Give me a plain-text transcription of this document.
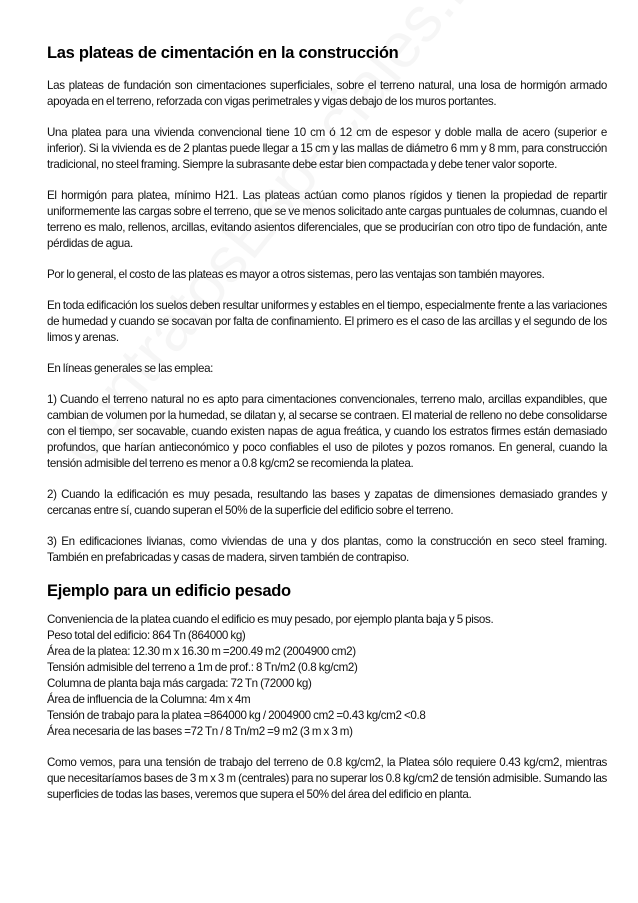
Las plateas de cimentación en la construcción

Las plateas de fundación son cimentaciones superficiales, sobre el terreno natural, una losa de hormigón armado apoyada en el terreno, reforzada con vigas perimetrales y vigas debajo de los muros portantes.

Una platea para una vivienda convencional tiene 10 cm ó 12 cm de espesor y doble malla de acero (superior e inferior). Si la vivienda es de 2 plantas puede llegar a 15 cm y las mallas de diámetro 6 mm y 8 mm, para construcción tradicional, no steel framing. Siempre la subrasante debe estar bien compactada y debe tener valor soporte.

El hormigón para platea, mínimo H21. Las plateas actúan como planos rígidos y tienen la propiedad de repartir uniformemente las cargas sobre el terreno, que se ve menos solicitado ante cargas puntuales de columnas, cuando el terreno es malo, rellenos, arcillas, evitando asientos diferenciales, que se producirían con otro tipo de fundación, ante pérdidas de agua.

Por lo general, el costo de las plateas es mayor a otros sistemas, pero las ventajas son también mayores.

En toda edificación los suelos deben resultar uniformes y estables en el tiempo, especialmente frente a las variaciones de humedad y cuando se socavan por falta de confinamiento. El primero es el caso de las arcillas y el segundo de los limos y arenas.

En líneas generales se las emplea:

1) Cuando el terreno natural no es apto para cimentaciones convencionales, terreno malo, arcillas expandibles, que cambian de volumen por la humedad, se dilatan y, al secarse se contraen. El material de relleno no debe consolidarse con el tiempo, ser socavable, cuando existen napas de agua freática, y cuando los estratos firmes están demasiado profundos, que harían antieconómico y poco confiables el uso de pilotes y pozos romanos. En general, cuando la tensión admisible del terreno es menor a 0.8 kg/cm2 se recomienda la platea.

2) Cuando la edificación es muy pesada, resultando las bases y zapatas de dimensiones demasiado grandes y cercanas entre sí, cuando superan el 50% de la superficie del edificio sobre el terreno.

3) En edificaciones livianas, como viviendas de una y dos plantas, como la construcción en seco steel framing. También en prefabricadas y casas de madera, sirven también de contrapiso.

Ejemplo para un edificio pesado

Conveniencia de la platea cuando el edificio es muy pesado, por ejemplo planta baja y 5 pisos.
Peso total del edificio: 864 Tn (864000 kg)
Área de la platea: 12.30 m x 16.30 m =200.49 m2 (2004900 cm2)
Tensión admisible del terreno a 1m de prof.: 8 Tn/m2 (0.8 kg/cm2)
Columna de planta baja más cargada: 72 Tn (72000 kg)
Área de influencia de la Columna: 4m x 4m
Tensión de trabajo para la platea =864000 kg / 2004900 cm2 =0.43 kg/cm2 <0.8
Área necesaria de las bases =72 Tn / 8 Tn/m2 =9 m2 (3 m x 3 m)

Como vemos, para una tensión de trabajo del terreno de 0.8 kg/cm2, la Platea sólo requiere 0.43 kg/cm2, mientras que necesitaríamos bases de 3 m x 3 m (centrales) para no superar los 0.8 kg/cm2 de tensión admisible. Sumando las superficies de todas las bases, veremos que supera el 50% del área del edificio en planta.
